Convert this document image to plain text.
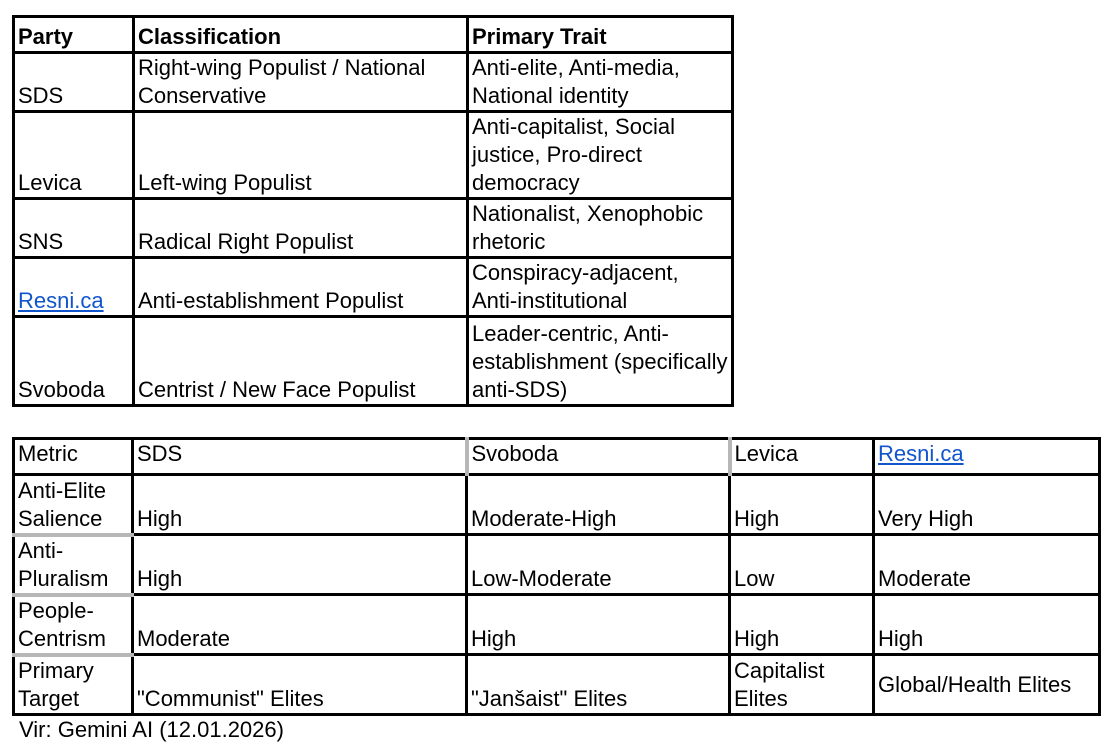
Party	Classification	Primary Trait
SDS	Right-wing Populist / National Conservative	Anti-elite, Anti-media, National identity
Levica	Left-wing Populist	Anti-capitalist, Social justice, Pro-direct democracy
SNS	Radical Right Populist	Nationalist, Xenophobic rhetoric
Resni.ca	Anti-establishment Populist	Conspiracy-adjacent, Anti-institutional
Svoboda	Centrist / New Face Populist	Leader-centric, Anti-establishment (specifically anti-SDS)
Metric	SDS	Svoboda	Levica	Resni.ca
Anti-Elite Salience	High	Moderate-High	High	Very High
Anti-Pluralism	High	Low-Moderate	Low	Moderate
People-Centrism	Moderate	High	High	High
Primary Target	"Communist" Elites	"Janšaist" Elites	Capitalist Elites	Global/Health Elites
Vir: Gemini AI (12.01.2026)
